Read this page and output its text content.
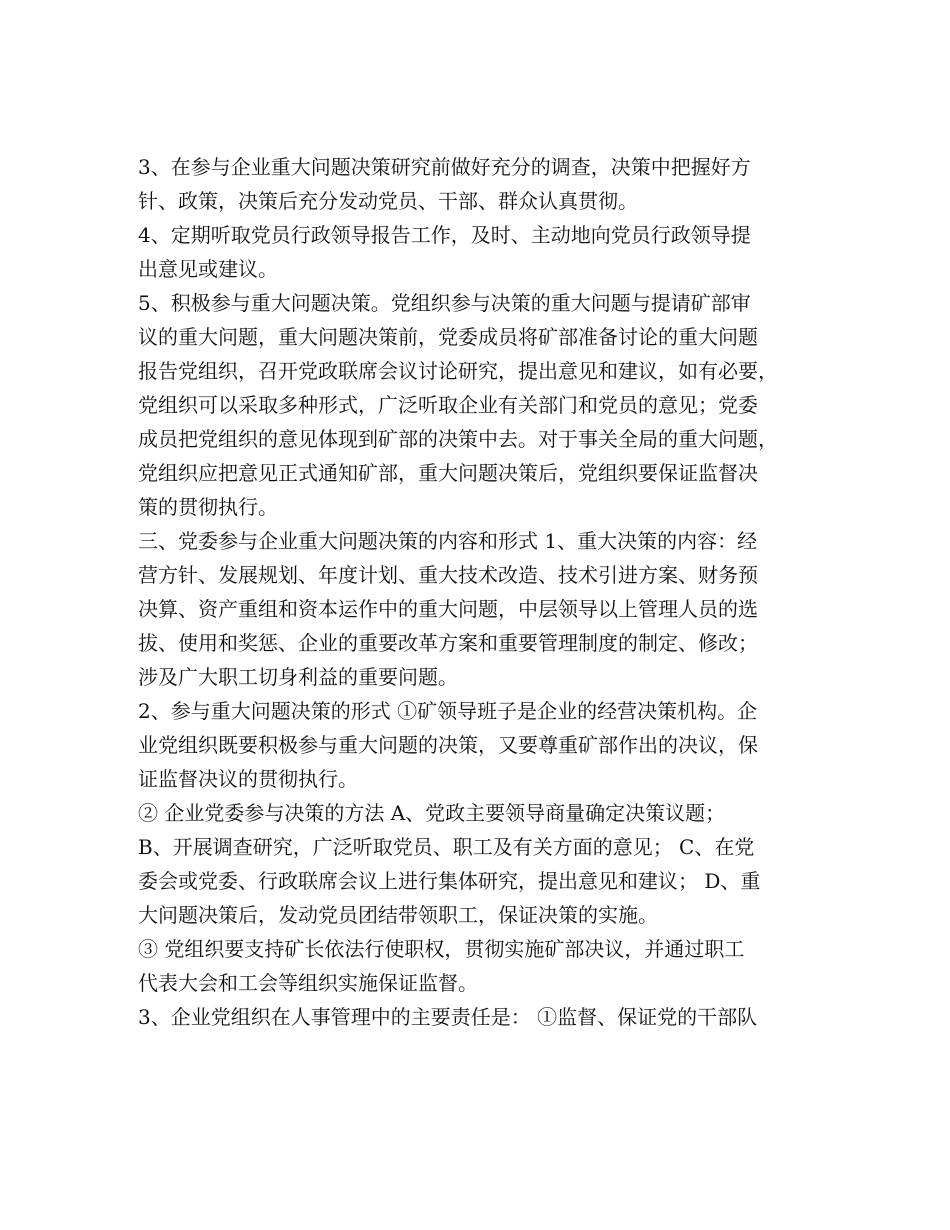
3、在参与企业重大问题决策研究前做好充分的调查，决策中把握好方

针、政策，决策后充分发动党员、干部、群众认真贯彻。

4、定期听取党员行政领导报告工作，及时、主动地向党员行政领导提

出意见或建议。

5、积极参与重大问题决策。党组织参与决策的重大问题与提请矿部审

议的重大问题，重大问题决策前，党委成员将矿部准备讨论的重大问题

报告党组织，召开党政联席会议讨论研究，提出意见和建议，如有必要，

党组织可以采取多种形式，广泛听取企业有关部门和党员的意见；党委

成员把党组织的意见体现到矿部的决策中去。对于事关全局的重大问题，

党组织应把意见正式通知矿部，重大问题决策后，党组织要保证监督决

策的贯彻执行。

三、党委参与企业重大问题决策的内容和形式 1、重大决策的内容：经

营方针、发展规划、年度计划、重大技术改造、技术引进方案、财务预

决算、资产重组和资本运作中的重大问题，中层领导以上管理人员的选

拔、使用和奖惩、企业的重要改革方案和重要管理制度的制定、修改；

涉及广大职工切身利益的重要问题。

2、参与重大问题决策的形式 ①矿领导班子是企业的经营决策机构。企

业党组织既要积极参与重大问题的决策，又要尊重矿部作出的决议，保

证监督决议的贯彻执行。

② 企业党委参与决策的方法 A、党政主要领导商量确定决策议题；

B、开展调查研究，广泛听取党员、职工及有关方面的意见； C、在党

委会或党委、行政联席会议上进行集体研究，提出意见和建议； D、重

大问题决策后，发动党员团结带领职工，保证决策的实施。

③ 党组织要支持矿长依法行使职权，贯彻实施矿部决议，并通过职工

代表大会和工会等组织实施保证监督。

3、企业党组织在人事管理中的主要责任是： ①监督、保证党的干部队
